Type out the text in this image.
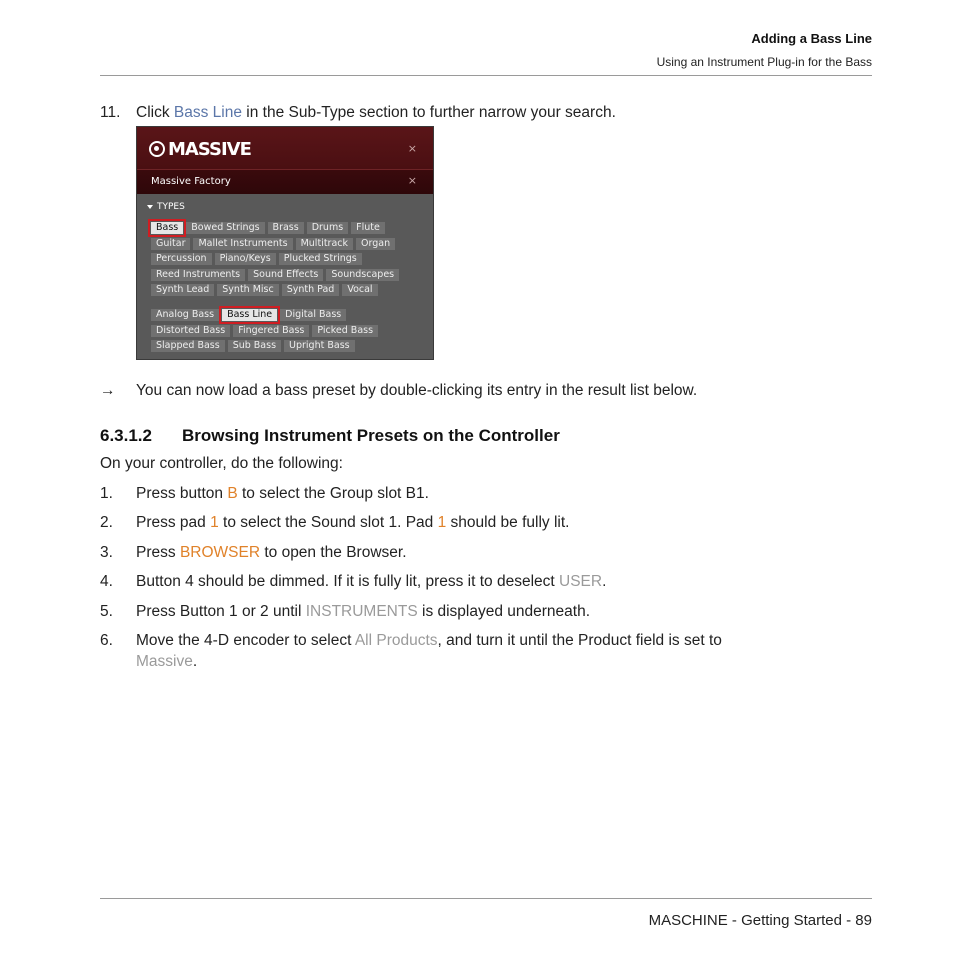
Adding a Bass Line
Using an Instrument Plug-in for the Bass
11. Click Bass Line in the Sub-Type section to further narrow your search.
MASSIVE	×
Massive Factory	×
TYPES
Bass	Bowed Strings	Brass	Drums	Flute
Guitar	Mallet Instruments	Multitrack	Organ
Percussion	Piano/Keys	Plucked Strings
Reed Instruments	Sound Effects	Soundscapes
Synth Lead	Synth Misc	Synth Pad	Vocal
Analog Bass	Bass Line	Digital Bass
Distorted Bass	Fingered Bass	Picked Bass
Slapped Bass	Sub Bass	Upright Bass
→ You can now load a bass preset by double-clicking its entry in the result list below.
6.3.1.2 Browsing Instrument Presets on the Controller
On your controller, do the following:
1. Press button B to select the Group slot B1.
2. Press pad 1 to select the Sound slot 1. Pad 1 should be fully lit.
3. Press BROWSER to open the Browser.
4. Button 4 should be dimmed. If it is fully lit, press it to deselect USER.
5. Press Button 1 or 2 until INSTRUMENTS is displayed underneath.
6. Move the 4-D encoder to select All Products, and turn it until the Product field is set to
Massive.
MASCHINE - Getting Started - 89
